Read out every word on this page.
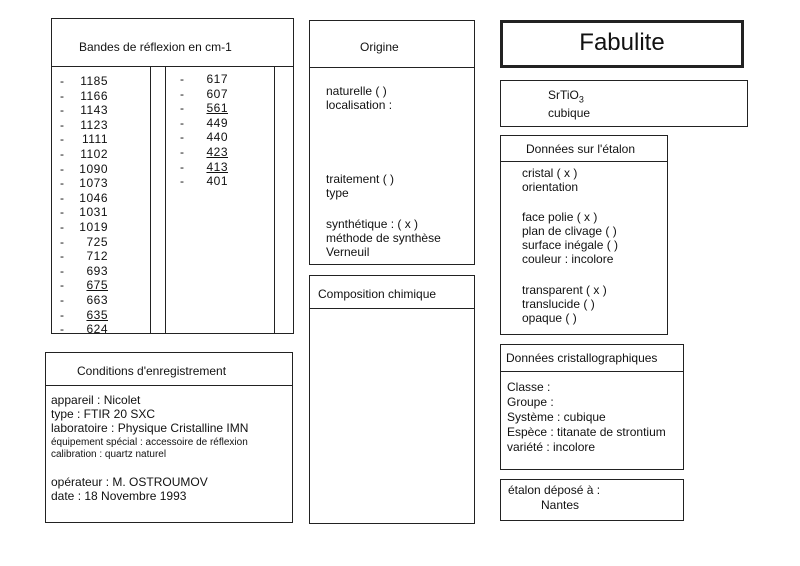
Bandes de réflexion en cm-1
- 1185
- 1166
- 1143
- 1123
- 1111
- 1102
- 1090
- 1073
- 1046
- 1031
- 1019
- 725
- 712
- 693
- 675
- 663
- 635
- 624
- 617
- 607
- 561
- 449
- 440
- 423
- 413
- 401
Origine
naturelle ( )
localisation :
traitement ( )
type
synthétique : ( x )
méthode de synthèse
Verneuil
Composition chimique
Conditions d'enregistrement
appareil : Nicolet
type : FTIR 20 SXC
laboratoire : Physique Cristalline IMN
équipement spécial : accessoire de réflexion
calibration : quartz naturel
opérateur : M. OSTROUMOV
date : 18 Novembre 1993
Fabulite
SrTiO$_3$
cubique
Données sur l'étalon
cristal ( x )
orientation
face polie ( x )
plan de clivage ( )
surface inégale ( )
couleur : incolore
transparent ( x )
translucide ( )
opaque ( )
Données cristallographiques
Classe :
Groupe :
Système : cubique
Espèce : titanate de strontium
variété : incolore
étalon déposé à :
Nantes
